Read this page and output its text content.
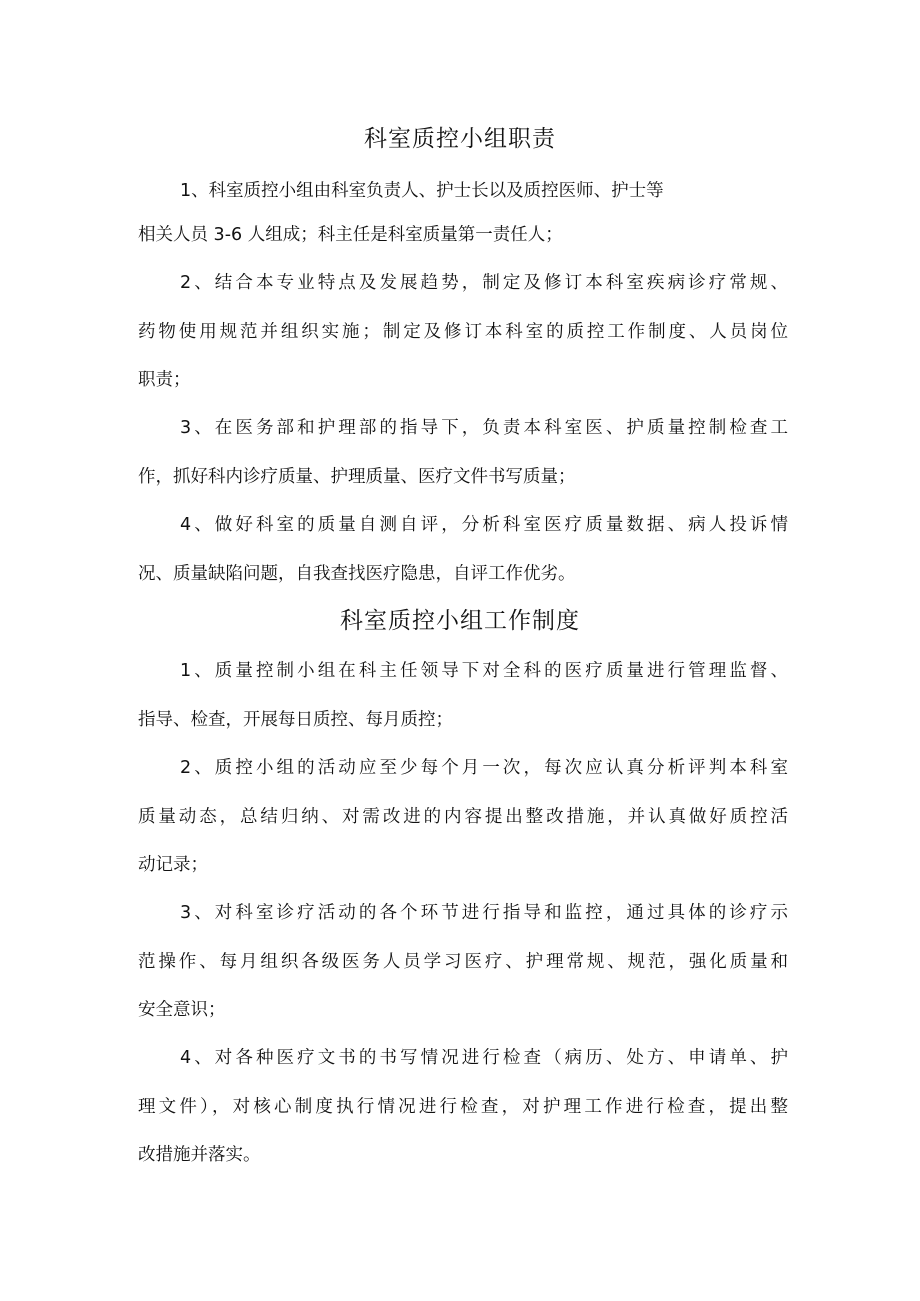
科室质控小组职责

1、科室质控小组由科室负责人、护士长以及质控医师、护士等

相关人员 3-6 人组成；科主任是科室质量第一责任人；

2、结合本专业特点及发展趋势，制定及修订本科室疾病诊疗常规、

药物使用规范并组织实施；制定及修订本科室的质控工作制度、人员岗位

职责；

3、在医务部和护理部的指导下，负责本科室医、护质量控制检查工

作，抓好科内诊疗质量、护理质量、医疗文件书写质量；

4、做好科室的质量自测自评，分析科室医疗质量数据、病人投诉情

况、质量缺陷问题，自我查找医疗隐患，自评工作优劣。

科室质控小组工作制度

1、质量控制小组在科主任领导下对全科的医疗质量进行管理监督、

指导、检查，开展每日质控、每月质控；

2、质控小组的活动应至少每个月一次，每次应认真分析评判本科室

质量动态，总结归纳、对需改进的内容提出整改措施，并认真做好质控活

动记录；

3、对科室诊疗活动的各个环节进行指导和监控，通过具体的诊疗示

范操作、每月组织各级医务人员学习医疗、护理常规、规范，强化质量和

安全意识；

4、对各种医疗文书的书写情况进行检查（病历、处方、申请单、护

理文件），对核心制度执行情况进行检查，对护理工作进行检查，提出整

改措施并落实。
